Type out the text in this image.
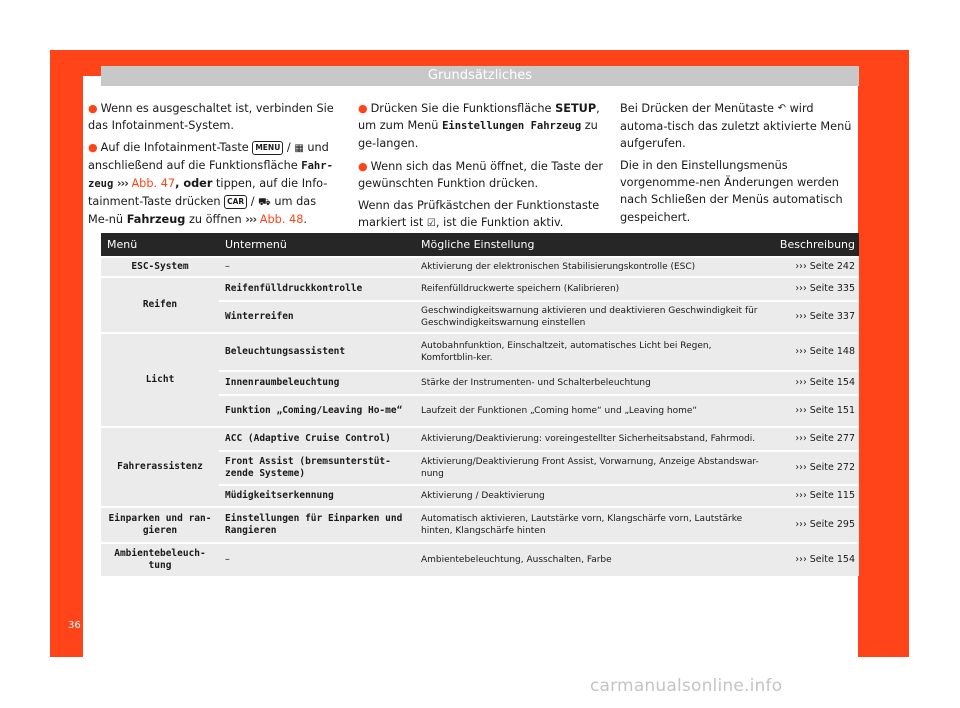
Grundsätzliches

● Wenn es ausgeschaltet ist, verbinden Sie das Infotainment-System.

● Auf die Infotainment-Taste MENU / ▦ und anschließend auf die Funktionsfläche Fahr-zeug ››› Abb. 47, oder tippen, auf die Info-tainment-Taste drücken CAR / ⛟ um das Me-nü Fahrzeug zu öffnen ››› Abb. 48.

● Drücken Sie die Funktionsfläche SETUP, um zum Menü Einstellungen Fahrzeug zu ge-langen.

● Wenn sich das Menü öffnet, die Taste der gewünschten Funktion drücken.

Wenn das Prüfkästchen der Funktionstaste markiert ist ☑, ist die Funktion aktiv.

Bei Drücken der Menütaste ↶ wird automa-tisch das zuletzt aktivierte Menü aufgerufen.

Die in den Einstellungsmenüs vorgenomme-nen Änderungen werden nach Schließen der Menüs automatisch gespeichert.

Menü	Untermenü	Mögliche Einstellung	Beschreibung
ESC-System	–	Aktivierung der elektronischen Stabilisierungskontrolle (ESC)	››› Seite 242
Reifen	Reifenfülldruckkontrolle	Reifenfülldruckwerte speichern (Kalibrieren)	››› Seite 335
	Winterreifen	Geschwindigkeitswarnung aktivieren und deaktivieren Geschwindigkeit für Geschwindigkeitswarnung einstellen	››› Seite 337
Licht	Beleuchtungsassistent	Autobahnfunktion, Einschaltzeit, automatisches Licht bei Regen, Komfortblin-ker.	››› Seite 148
	Innenraumbeleuchtung	Stärke der Instrumenten- und Schalterbeleuchtung	››› Seite 154
	Funktion „Coming/Leaving Ho-me“	Laufzeit der Funktionen „Coming home“ und „Leaving home“	››› Seite 151
Fahrerassistenz	ACC (Adaptive Cruise Control)	Aktivierung/Deaktivierung: voreingestellter Sicherheitsabstand, Fahrmodi.	››› Seite 277
	Front Assist (bremsunterstüt-zende Systeme)	Aktivierung/Deaktivierung Front Assist, Vorwarnung, Anzeige Abstandswar-nung	››› Seite 272
	Müdigkeitserkennung	Aktivierung / Deaktivierung	››› Seite 115
Einparken und ran-gieren	Einstellungen für Einparken und Rangieren	Automatisch aktivieren, Lautstärke vorn, Klangschärfe vorn, Lautstärke hinten, Klangschärfe hinten	››› Seite 295
Ambientebeleuch-tung	–	Ambientebeleuchtung, Ausschalten, Farbe	››› Seite 154
36
carmanualsonline.info
